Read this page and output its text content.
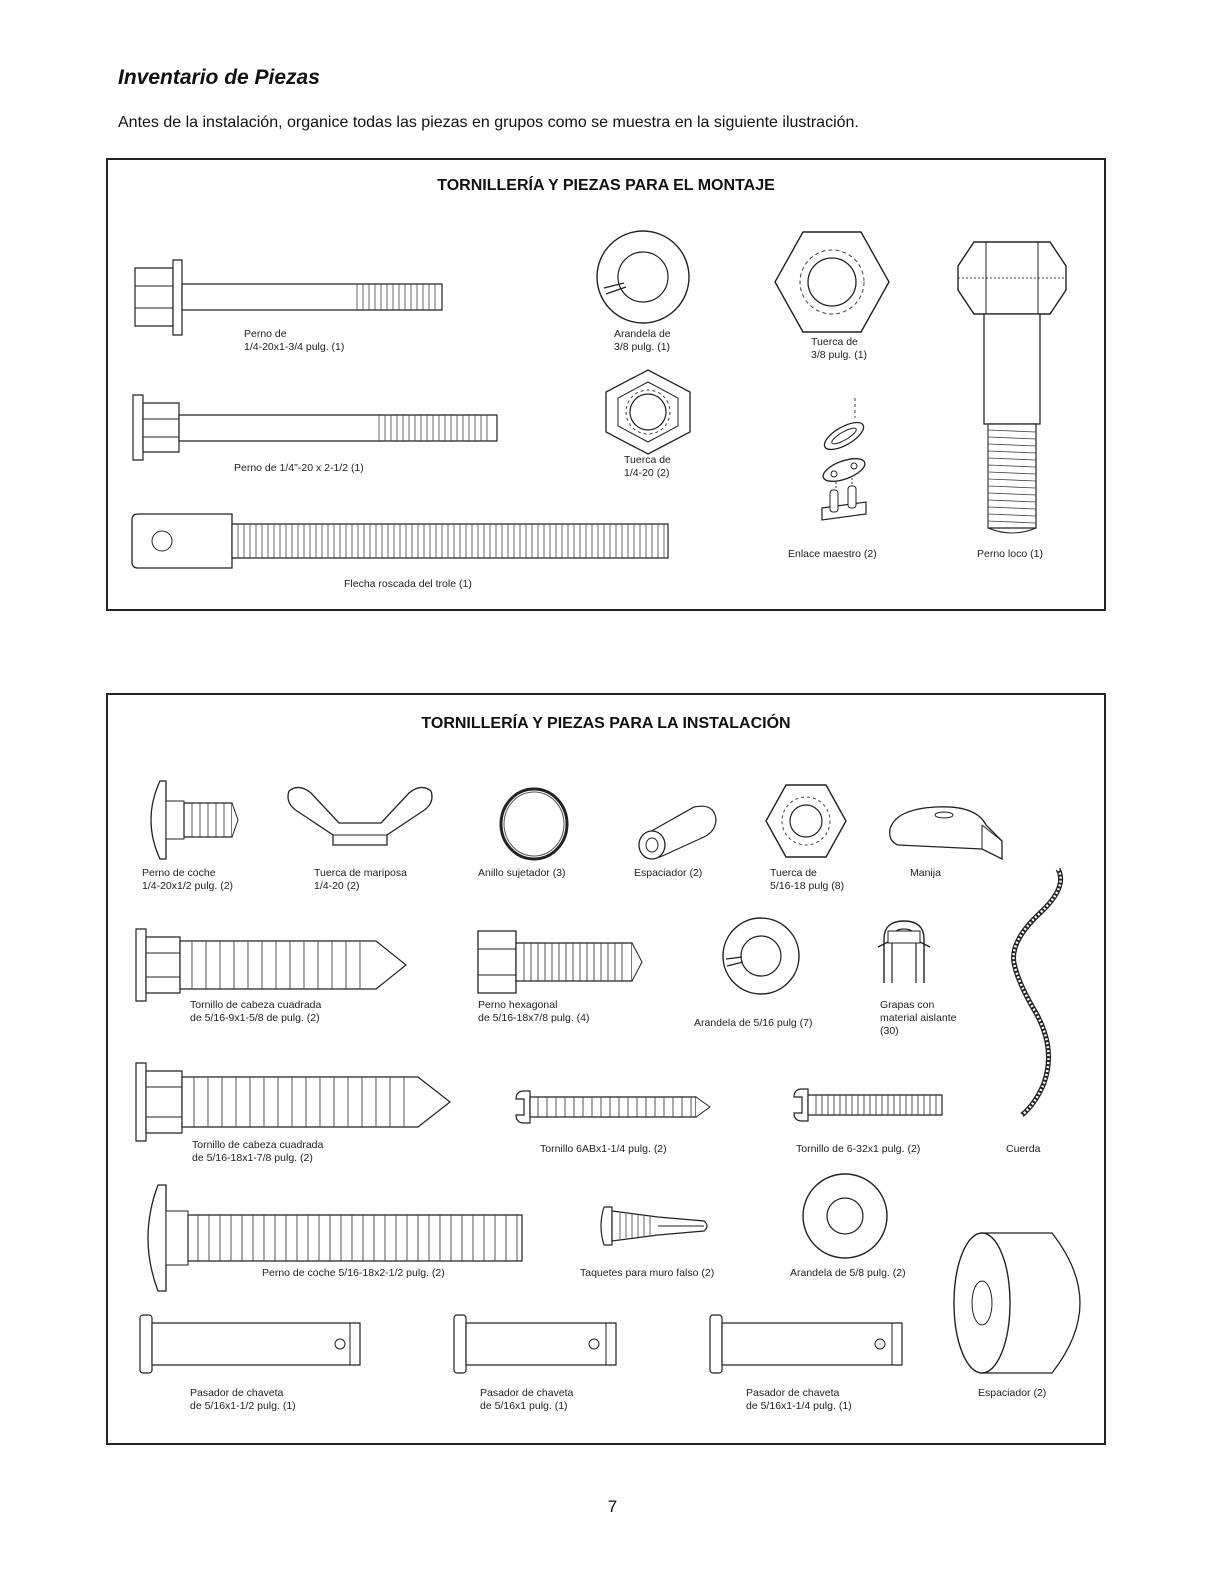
Inventario de Piezas
Antes de la instalación, organice todas las piezas en grupos como se muestra en la siguiente ilustración.
TORNILLERÍA Y PIEZAS PARA EL MONTAJE
Perno de
1/4-20x1-3/4 pulg. (1)
Perno de 1/4"-20 x 2-1/2 (1)
Flecha roscada del trole (1)
Arandela de
3/8 pulg. (1)
Tuerca de
1/4-20 (2)
Tuerca de
3/8 pulg. (1)
Enlace maestro (2)	Perno loco (1)
TORNILLERÍA Y PIEZAS PARA LA INSTALACIÓN
Perno de coche
1/4-20x1/2 pulg. (2)
Tuerca de mariposa
1/4-20 (2)
Anillo sujetador (3)	Espaciador (2)	Tuerca de
5/16-18 pulg (8)
Manija
Tornillo de cabeza cuadrada
de 5/16-9x1-5/8 de pulg. (2)
Perno hexagonal
de 5/16-18x7/8 pulg. (4)	Arandela de 5/16 pulg (7)
Grapas con
material aislante
(30)
Cuerda
Tornillo de cabeza cuadrada
de 5/16-18x1-7/8 pulg. (2)
Tornillo 6ABx1-1/4 pulg. (2)	Tornillo de 6-32x1 pulg. (2)
Perno de coche 5/16-18x2-1/2 pulg. (2)	Taquetes para muro falso (2)	Arandela de 5/8 pulg. (2)
Espaciador (2)
Pasador de chaveta
de 5/16x1-1/2 pulg. (1)
Pasador de chaveta
de 5/16x1 pulg. (1)
Pasador de chaveta
de 5/16x1-1/4 pulg. (1)
7
